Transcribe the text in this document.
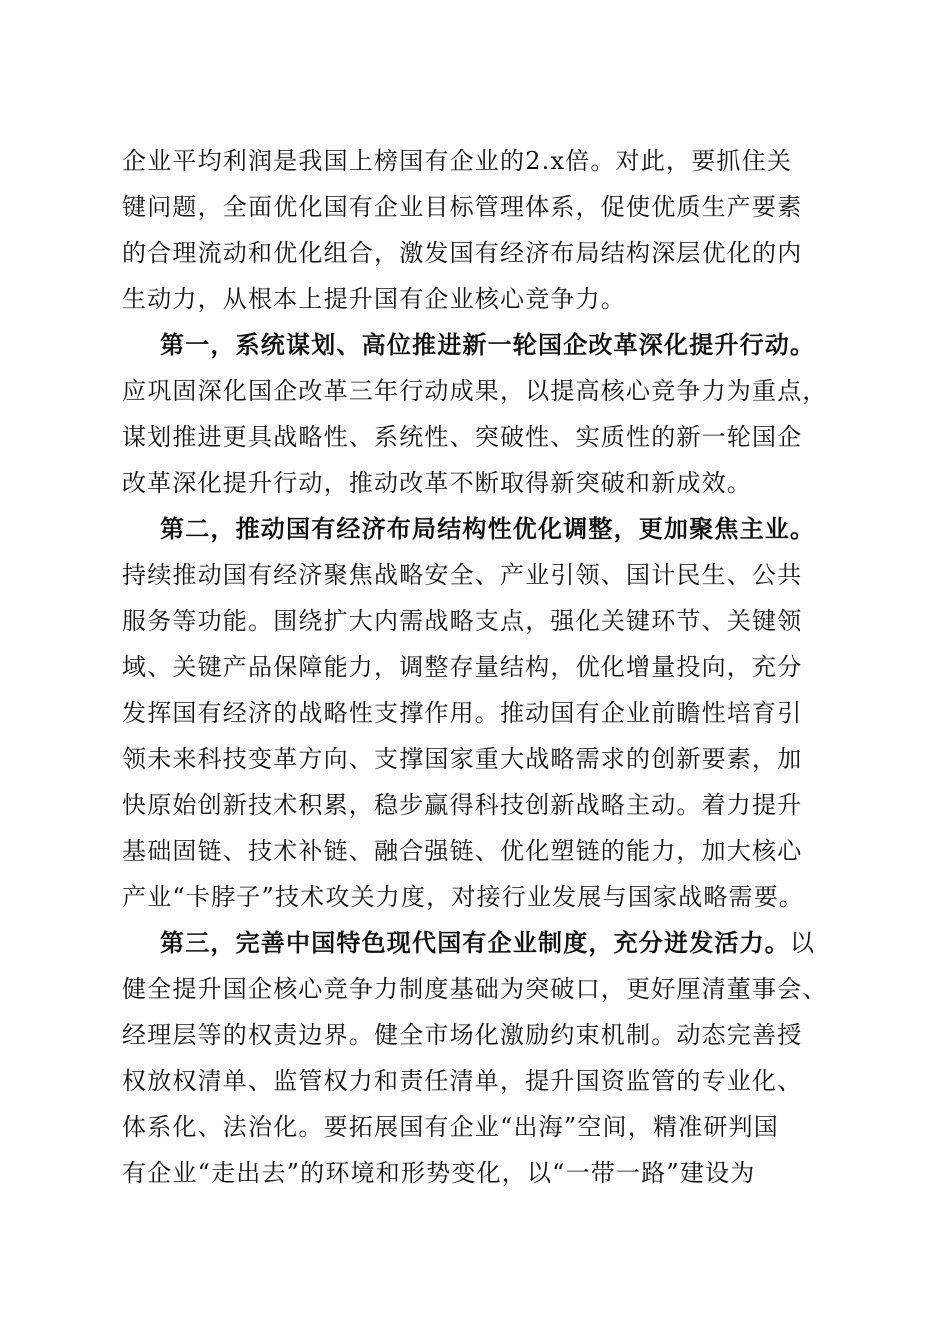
企业平均利润是我国上榜国有企业的2.x倍。对此，要抓住关

键问题，全面优化国有企业目标管理体系，促使优质生产要素

的合理流动和优化组合，激发国有经济布局结构深层优化的内

生动力，从根本上提升国有企业核心竞争力。

第一，系统谋划、高位推进新一轮国企改革深化提升行动。

应巩固深化国企改革三年行动成果，以提高核心竞争力为重点，

谋划推进更具战略性、系统性、突破性、实质性的新一轮国企

改革深化提升行动，推动改革不断取得新突破和新成效。

第二，推动国有经济布局结构性优化调整，更加聚焦主业。

持续推动国有经济聚焦战略安全、产业引领、国计民生、公共

服务等功能。围绕扩大内需战略支点，强化关键环节、关键领

域、关键产品保障能力，调整存量结构，优化增量投向，充分

发挥国有经济的战略性支撑作用。推动国有企业前瞻性培育引

领未来科技变革方向、支撑国家重大战略需求的创新要素，加

快原始创新技术积累，稳步赢得科技创新战略主动。着力提升

基础固链、技术补链、融合强链、优化塑链的能力，加大核心

产业“卡脖子”技术攻关力度，对接行业发展与国家战略需要。

第三，完善中国特色现代国有企业制度，充分迸发活力。以

健全提升国企核心竞争力制度基础为突破口，更好厘清董事会、

经理层等的权责边界。健全市场化激励约束机制。动态完善授

权放权清单、监管权力和责任清单，提升国资监管的专业化、

体系化、法治化。要拓展国有企业“出海”空间，精准研判国

有企业“走出去”的环境和形势变化，以“一带一路”建设为
